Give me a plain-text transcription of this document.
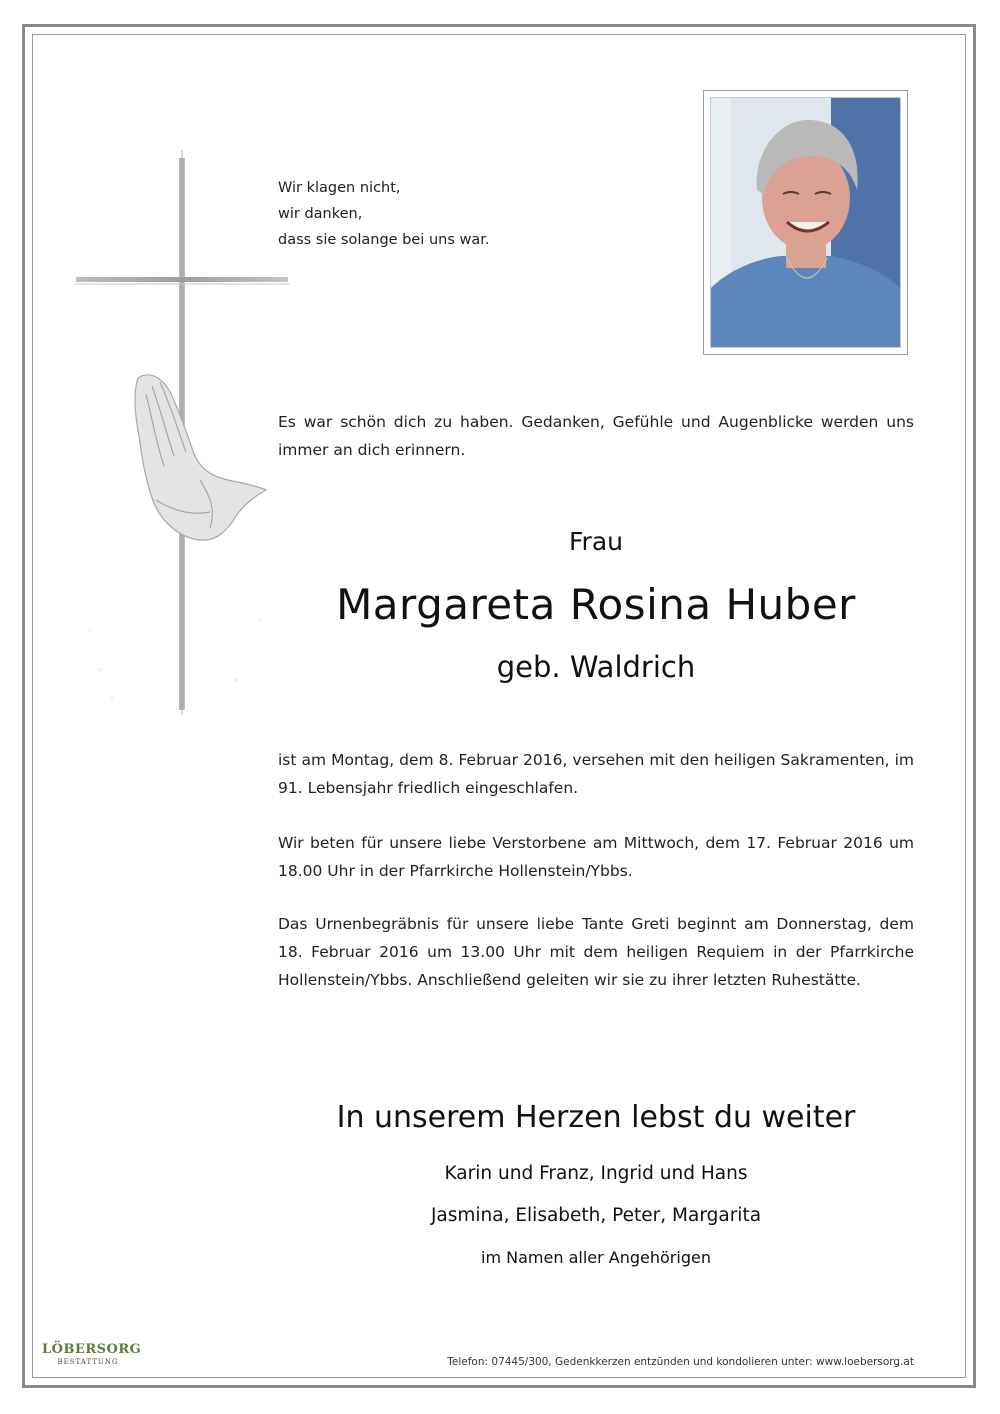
Wir klagen nicht,
wir danken,
dass sie solange bei uns war.
Es war schön dich zu haben. Gedanken, Gefühle und Augenblicke werden uns immer an dich erinnern.
Frau
Margareta Rosina Huber
geb. Waldrich
ist am Montag, dem 8. Februar 2016, versehen mit den heiligen Sakramenten, im 91. Lebensjahr friedlich eingeschlafen.
Wir beten für unsere liebe Verstorbene am Mittwoch, dem 17. Februar 2016 um 18.00 Uhr in der Pfarrkirche Hollenstein/Ybbs.
Das Urnenbegräbnis für unsere liebe Tante Greti beginnt am Donnerstag, dem 18. Februar 2016 um 13.00 Uhr mit dem heiligen Requiem in der Pfarrkirche Hollenstein/Ybbs. Anschließend geleiten wir sie zu ihrer letzten Ruhestätte.
In unserem Herzen lebst du weiter
Karin und Franz, Ingrid und Hans
Jasmina, Elisabeth, Peter, Margarita
im Namen aller Angehörigen
LÖBERSORG
BESTATTUNG	Telefon: 07445/300, Gedenkkerzen entzünden und kondolieren unter: www.loebersorg.at
